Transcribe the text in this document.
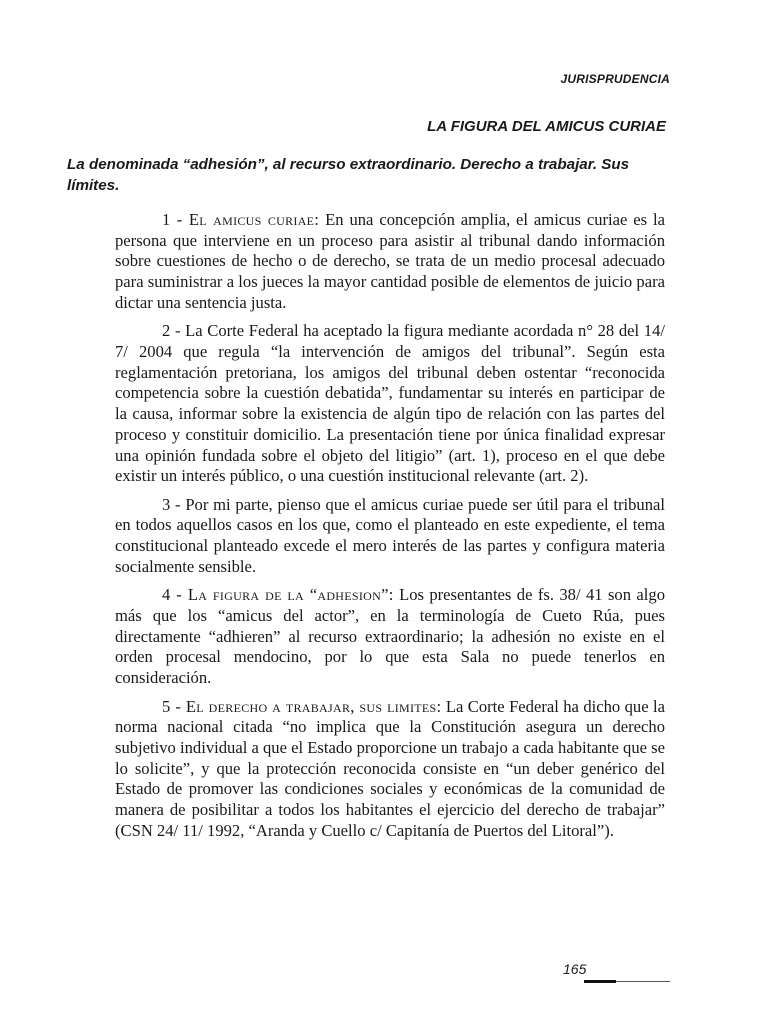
JURISPRUDENCIA

LA FIGURA DEL AMICUS CURIAE
La denominada “adhesión”, al recurso extraordinario. Derecho a trabajar. Sus límites.

1 - El amicus curiae: En una concepción amplia, el amicus curiae es la persona que interviene en un proceso para asistir al tribunal dando información sobre cuestiones de hecho o de derecho, se trata de un medio procesal adecuado para suministrar a los jueces la mayor cantidad posible de elementos de juicio para dictar una sentencia justa.

2 - La Corte Federal ha aceptado la figura mediante acordada n° 28 del 14/ 7/ 2004 que regula “la intervención de amigos del tribunal”. Según esta reglamentación pretoriana, los amigos del tribunal deben ostentar “reconocida competencia sobre la cuestión debatida”, fundamentar su interés en participar de la causa, informar sobre la existencia de algún tipo de relación con las partes del proceso y constituir domicilio. La presentación tiene por única finalidad expresar una opinión fundada sobre el objeto del litigio” (art. 1), proceso en el que debe existir un interés público, o una cuestión institucional relevante (art. 2).

3 - Por mi parte, pienso que el amicus curiae puede ser útil para el tribunal en todos aquellos casos en los que, como el planteado en este expediente, el tema constitucional planteado excede el mero interés de las partes y configura materia socialmente sensible.

4 - La figura de la “adhesion”: Los presentantes de fs. 38/ 41 son algo más que los “amicus del actor”, en la terminología de Cueto Rúa, pues directamente “adhieren” al recurso extraordinario; la adhesión no existe en el orden procesal mendocino, por lo que esta Sala no puede tenerlos en consideración.

5 - El derecho a trabajar, sus limites: La Corte Federal ha dicho que la norma nacional citada “no implica que la Constitución asegura un derecho subjetivo individual a que el Estado proporcione un trabajo a cada habitante que se lo solicite”, y que la protección reconocida consiste en “un deber genérico del Estado de promover las condiciones sociales y económicas de la comunidad de manera de posibilitar a todos los habitantes el ejercicio del derecho de trabajar” (CSN 24/ 11/ 1992, “Aranda y Cuello c/ Capitanía de Puertos del Litoral”).

165
